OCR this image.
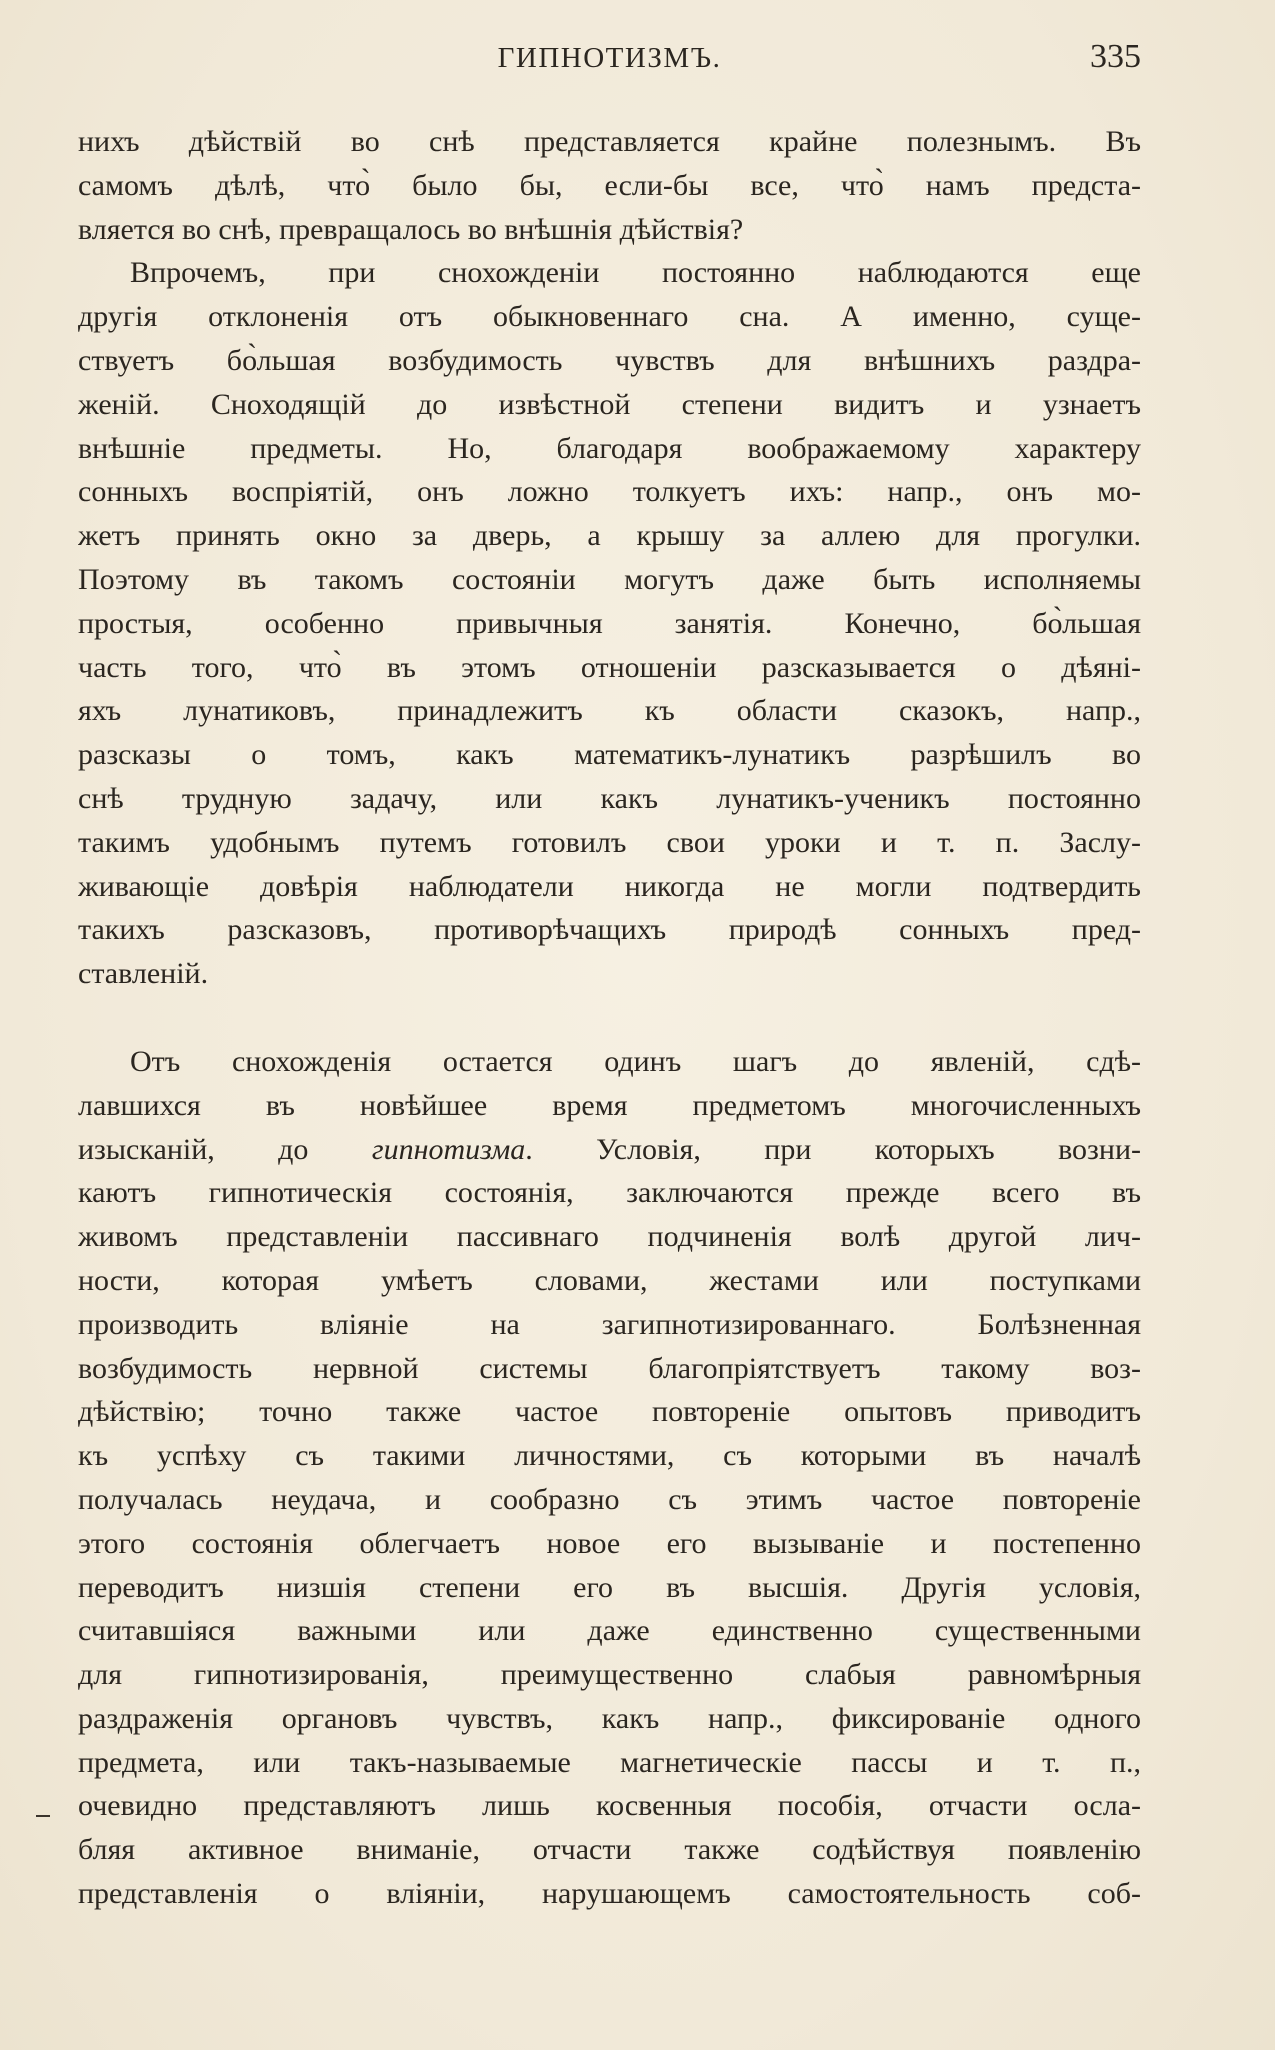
ГИПНОТИЗМЪ.	335
нихъ дѣйствій во снѣ представляется крайне полезнымъ. Въ
самомъ дѣлѣ, что̀ было бы, если-бы все, что̀ намъ предста-
вляется во снѣ, превращалось во внѣшнія дѣйствія?
Впрочемъ, при снохожденіи постоянно наблюдаются еще
другія отклоненія отъ обыкновеннаго сна. А именно, суще-
ствуетъ бо̀льшая возбудимость чувствъ для внѣшнихъ раздра-
женій. Сноходящій до извѣстной степени видитъ и узнаетъ
внѣшніе предметы. Но, благодаря воображаемому характеру
сонныхъ воспріятій, онъ ложно толкуетъ ихъ: напр., онъ мо-
жетъ принять окно за дверь, а крышу за аллею для прогулки.
Поэтому въ такомъ состояніи могутъ даже быть исполняемы
простыя, особенно привычныя занятія. Конечно, бо̀льшая
часть того, что̀ въ этомъ отношеніи разсказывается о дѣяні-
яхъ лунатиковъ, принадлежитъ къ области сказокъ, напр.,
разсказы о томъ, какъ математикъ-лунатикъ разрѣшилъ во
снѣ трудную задачу, или какъ лунатикъ-ученикъ постоянно
такимъ удобнымъ путемъ готовилъ свои уроки и т. п. Заслу-
живающіе довѣрія наблюдатели никогда не могли подтвердить
такихъ разсказовъ, противорѣчащихъ природѣ сонныхъ пред-
ставленій.
Отъ снохожденія остается одинъ шагъ до явленій, сдѣ-
лавшихся въ новѣйшее время предметомъ многочисленныхъ
изысканій, до гипнотизма. Условія, при которыхъ возни-
каютъ гипнотическія состоянія, заключаются прежде всего въ
живомъ представленіи пассивнаго подчиненія волѣ другой лич-
ности, которая умѣетъ словами, жестами или поступками
производить вліяніе на загипнотизированнаго. Болѣзненная
возбудимость нервной системы благопріятствуетъ такому воз-
дѣйствію; точно также частое повтореніе опытовъ приводитъ
къ успѣху съ такими личностями, съ которыми въ началѣ
получалась неудача, и сообразно съ этимъ частое повтореніе
этого состоянія облегчаетъ новое его вызываніе и постепенно
переводитъ низшія степени его въ высшія. Другія условія,
считавшіяся важными или даже единственно существенными
для гипнотизированія, преимущественно слабыя равномѣрныя
раздраженія органовъ чувствъ, какъ напр., фиксированіе одного
предмета, или такъ-называемые магнетическіе пассы и т. п.,
очевидно представляютъ лишь косвенныя пособія, отчасти осла-
бляя активное вниманіе, отчасти также содѣйствуя появленію
представленія о вліяніи, нарушающемъ самостоятельность соб-
